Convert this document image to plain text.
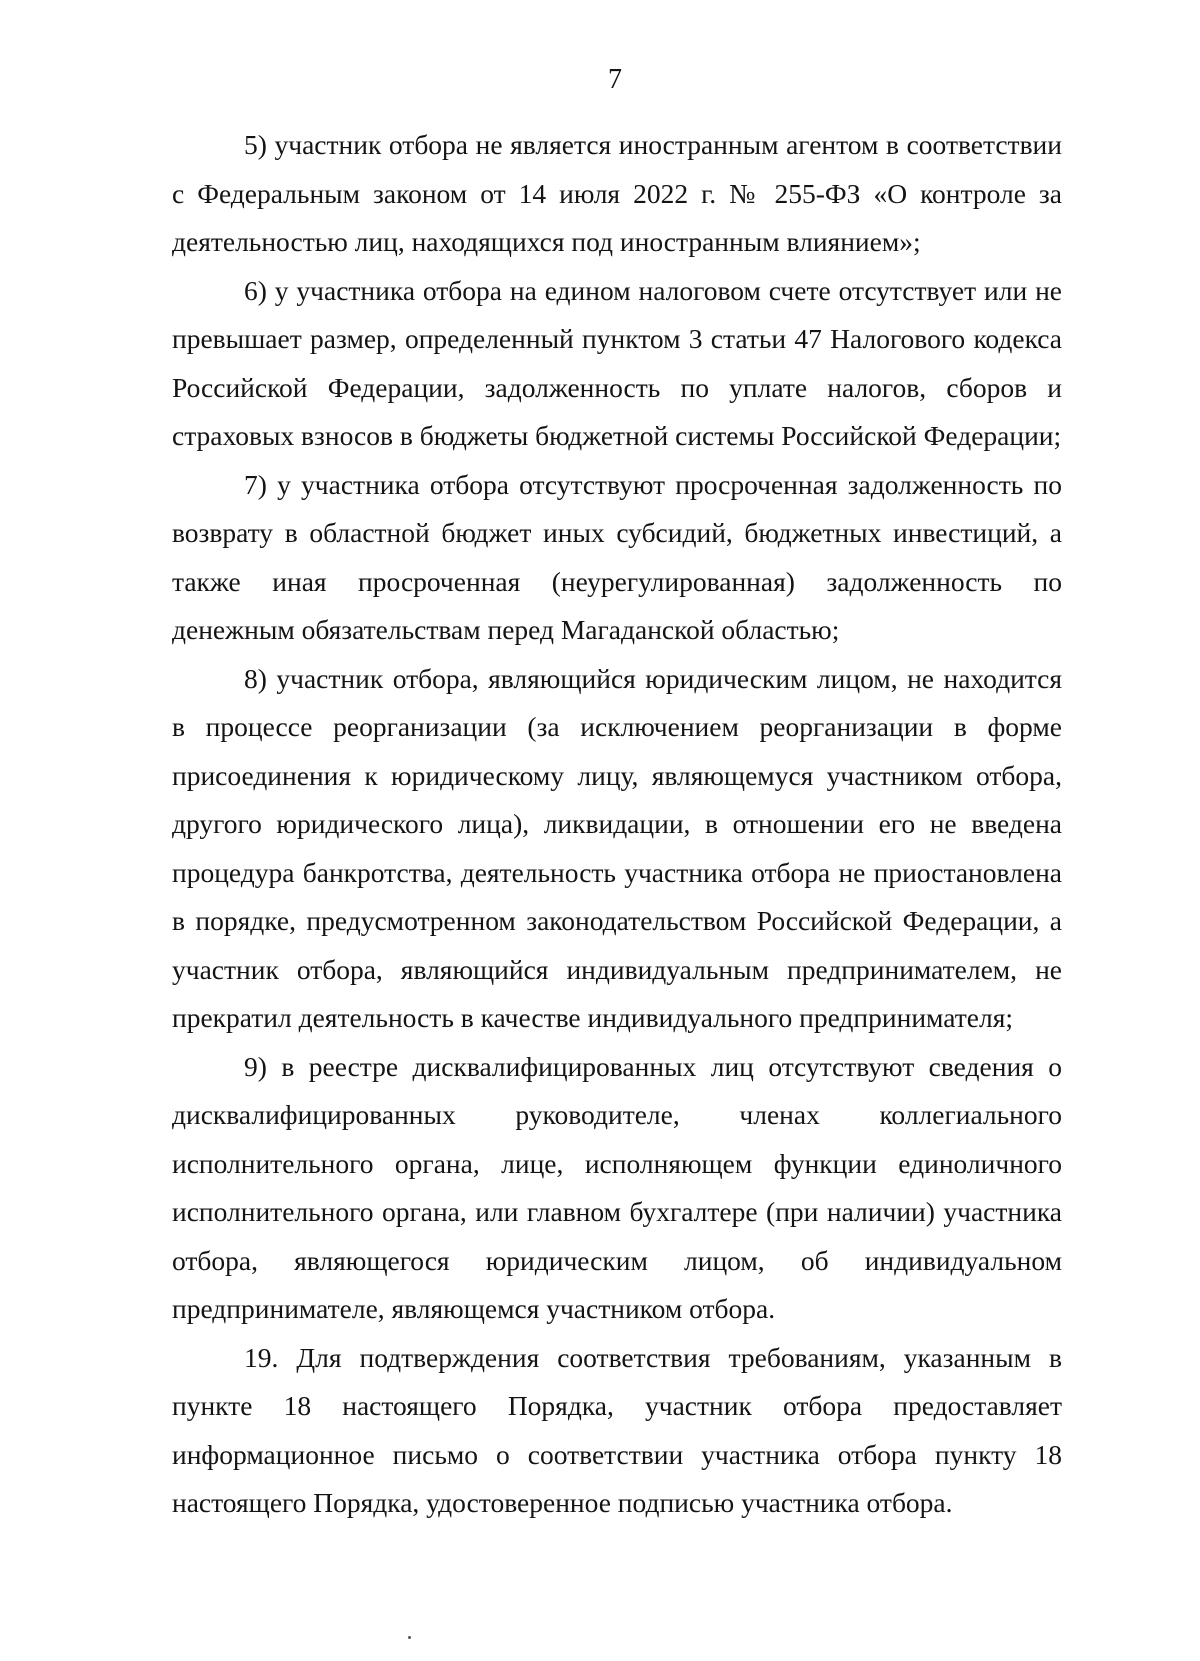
7

5) участник отбора не является иностранным агентом в соответствии с Федеральным законом от 14 июля 2022 г. № 255-ФЗ «О контроле за деятельностью лиц, находящихся под иностранным влиянием»;

6) у участника отбора на едином налоговом счете отсутствует или не превышает размер, определенный пунктом 3 статьи 47 Налогового кодекса Российской Федерации, задолженность по уплате налогов, сборов и страховых взносов в бюджеты бюджетной системы Российской Федерации;

7) у участника отбора отсутствуют просроченная задолженность по возврату в областной бюджет иных субсидий, бюджетных инвестиций, а также иная просроченная (неурегулированная) задолженность по денежным обязательствам перед Магаданской областью;

8) участник отбора, являющийся юридическим лицом, не находится в процессе реорганизации (за исключением реорганизации в форме присоединения к юридическому лицу, являющемуся участником отбора, другого юридического лица), ликвидации, в отношении его не введена процедура банкротства, деятельность участника отбора не приостановлена в порядке, предусмотренном законодательством Российской Федерации, а участник отбора, являющийся индивидуальным предпринимателем, не прекратил деятельность в качестве индивидуального предпринимателя;

9) в реестре дисквалифицированных лиц отсутствуют сведения о дисквалифицированных руководителе, членах коллегиального исполнительного органа, лице, исполняющем функции единоличного исполнительного органа, или главном бухгалтере (при наличии) участника отбора, являющегося юридическим лицом, об индивидуальном предпринимателе, являющемся участником отбора.

19. Для подтверждения соответствия требованиям, указанным в пункте 18 настоящего Порядка, участник отбора предоставляет информационное письмо о соответствии участника отбора пункту 18 настоящего Порядка, удостоверенное подписью участника отбора.
